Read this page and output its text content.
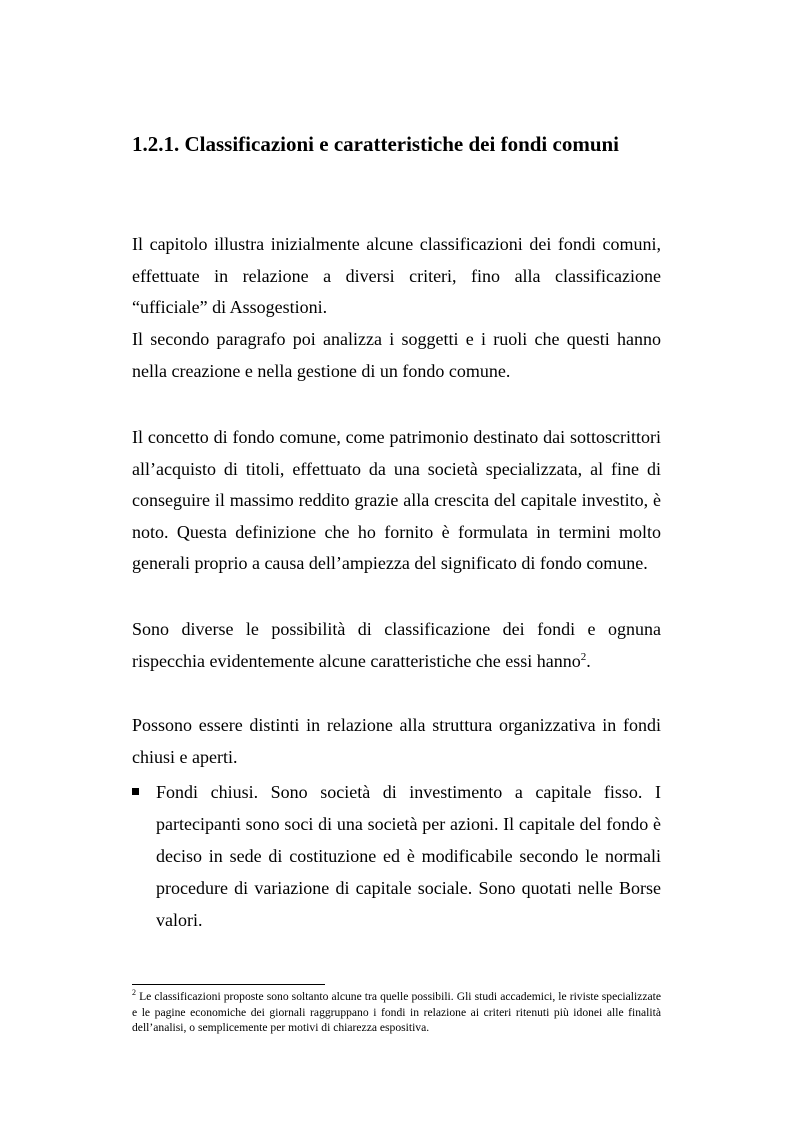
1.2.1. Classificazioni e caratteristiche dei fondi comuni
Il capitolo illustra inizialmente alcune classificazioni dei fondi comuni, effettuate in relazione a diversi criteri, fino alla classificazione “ufficiale” di Assogestioni.
Il secondo paragrafo poi analizza i soggetti e i ruoli che questi hanno nella creazione e nella gestione di un fondo comune.
Il concetto di fondo comune, come patrimonio destinato dai sottoscrittori all’acquisto di titoli, effettuato da una società specializzata, al fine di conseguire il massimo reddito grazie alla crescita del capitale investito, è noto. Questa definizione che ho fornito è formulata in termini molto generali proprio a causa dell’ampiezza del significato di fondo comune.
Sono diverse le possibilità di classificazione dei fondi e ognuna rispecchia evidentemente alcune caratteristiche che essi hanno$^2$.
Possono essere distinti in relazione alla struttura organizzativa in fondi chiusi e aperti.
Fondi chiusi. Sono società di investimento a capitale fisso. I partecipanti sono soci di una società per azioni. Il capitale del fondo è deciso in sede di costituzione ed è modificabile secondo le normali procedure di variazione di capitale sociale. Sono quotati nelle Borse valori.
$^2$ Le classificazioni proposte sono soltanto alcune tra quelle possibili. Gli studi accademici, le riviste specializzate e le pagine economiche dei giornali raggruppano i fondi in relazione ai criteri ritenuti più idonei alle finalità dell’analisi, o semplicemente per motivi di chiarezza espositiva.
